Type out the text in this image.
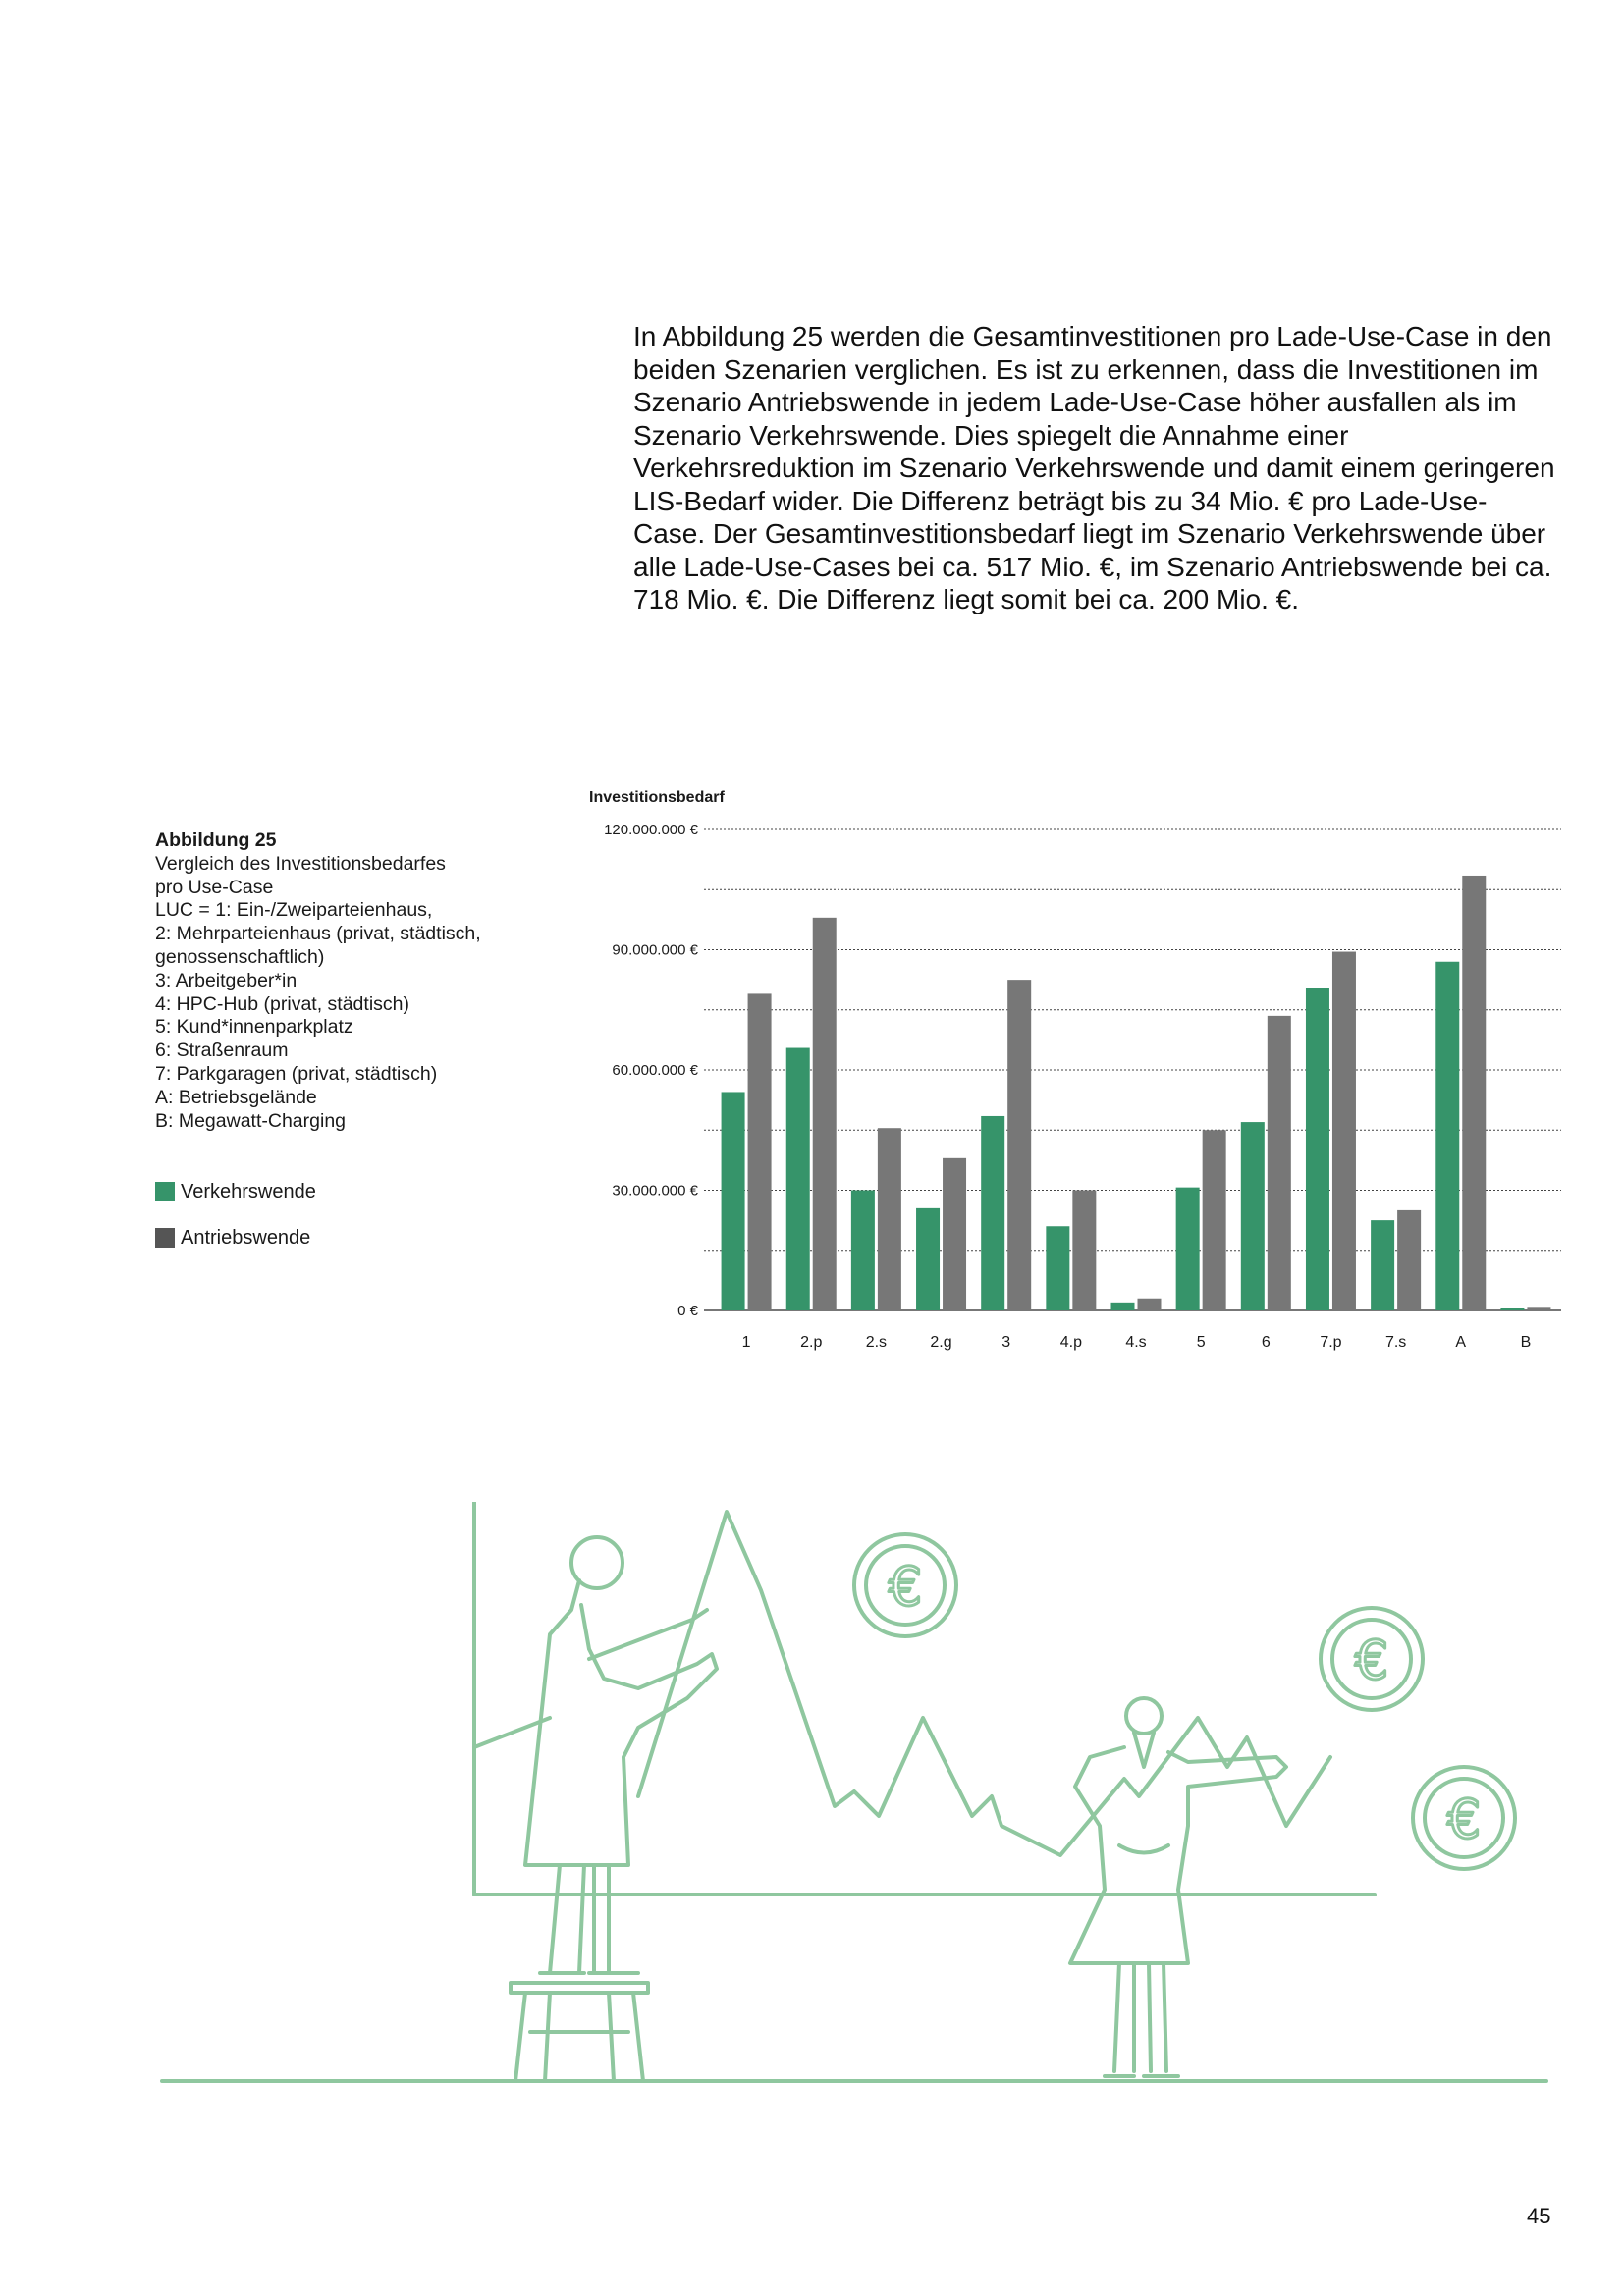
In Abbildung 25 werden die Gesamtinvestitionen pro Lade-Use-Case in den beiden Szenarien verglichen. Es ist zu erkennen, dass die Investitionen im Szenario Antriebswende in jedem Lade-Use-Case höher ausfallen als im Szenario Verkehrswende. Dies spiegelt die Annahme einer Verkehrsreduktion im Szenario Verkehrswende und damit einem geringeren LIS-Bedarf wider. Die Differenz beträgt bis zu 34 Mio. € pro Lade-Use-Case. Der Gesamtinvestitionsbedarf liegt im Szenario Verkehrswende über alle Lade-Use-Cases bei ca. 517 Mio. €, im Szenario Antriebswende bei ca. 718 Mio. €. Die Differenz liegt somit bei ca. 200 Mio. €.

Abbildung 25
Vergleich des Investitionsbedarfes
pro Use-Case
LUC = 1: Ein-/Zweiparteienhaus,
2: Mehrparteienhaus (privat, städtisch,
genossenschaftlich)
3: Arbeitgeber*in
4: HPC-Hub (privat, städtisch)
5: Kund*innenparkplatz
6: Straßenraum
7: Parkgaragen (privat, städtisch)
A: Betriebsgelände
B: Megawatt-Charging
Verkehrswende
Antriebswende
Investitionsbedarf
0 €
30.000.000 €
60.000.000 €
90.000.000 €
120.000.000 €
1	2.p	2.s	2.g	3	4.p	4.s	5	6	7.p	7.s	A	B
€
€
€
45
